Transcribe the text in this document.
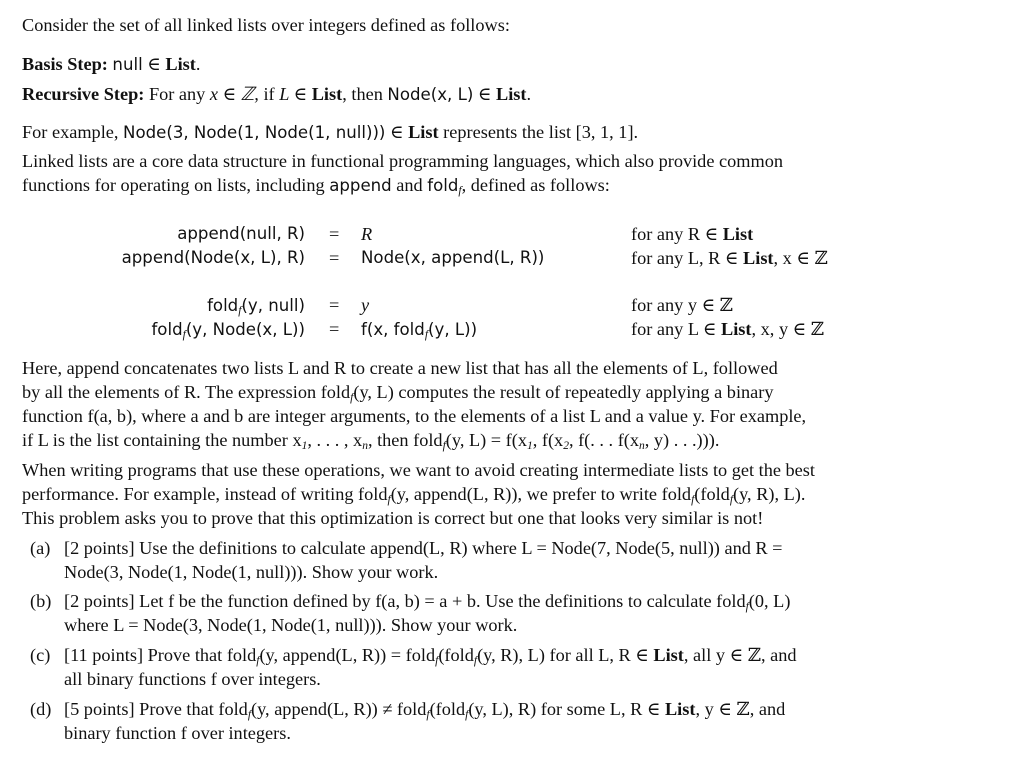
Consider the set of all linked lists over integers defined as follows:
Basis Step: null ∈ List.
Recursive Step: For any x ∈ ℤ, if L ∈ List, then Node(x, L) ∈ List.
For example, Node(3, Node(1, Node(1, null))) ∈ List represents the list [3, 1, 1].
Linked lists are a core data structure in functional programming languages, which also provide common
functions for operating on lists, including append and fold$_f$, defined as follows:
append(null, R) = R	for any R ∈ List
append(Node(x, L), R) = Node(x, append(L, R))	for any L, R ∈ List, x ∈ ℤ
fold$_f$(y, null) = y	for any y ∈ ℤ
fold$_f$(y, Node(x, L)) = f(x, fold$_f$(y, L))	for any L ∈ List, x, y ∈ ℤ
Here, append concatenates two lists L and R to create a new list that has all the elements of L, followed
by all the elements of R. The expression fold$_f$(y, L) computes the result of repeatedly applying a binary
function f(a, b), where a and b are integer arguments, to the elements of a list L and a value y. For example,
if L is the list containing the number $x_1$, . . . , $x_n$, then fold$_f$(y, $L) = f(x_1$, $f(x_2$, f(. . . $f(x_n$, y) . . .))).
When writing programs that use these operations, we want to avoid creating intermediate lists to get the best
performance. For example, instead of writing fold$_f$(y, append(L, R)), we prefer to write fold$_f$(fold$_f$(y, R), L).
This problem asks you to prove that this optimization is correct but one that looks very similar is not!
(a) [2 points] Use the definitions to calculate append(L, R) where L = Node(7, Node(5, null)) and R =
Node(3, Node(1, Node(1, null))). Show your work.
(b) [2 points] Let f be the function defined by f(a, b) = a + b. Use the definitions to calculate fold$_f$(0, L)
where L = Node(3, Node(1, Node(1, null))). Show your work.
(c) [11 points] Prove that fold$_f$(y, append(L, R)) = fold$_f$(fold$_f$(y, R), L) for all L, R ∈ List, all y ∈ ℤ, and
all binary functions f over integers.
(d) [5 points] Prove that fold$_f$(y, append(L, R)) ≠ fold$_f$(fold$_f$(y, L), R) for some L, R ∈ List, y ∈ ℤ, and
binary function f over integers.
